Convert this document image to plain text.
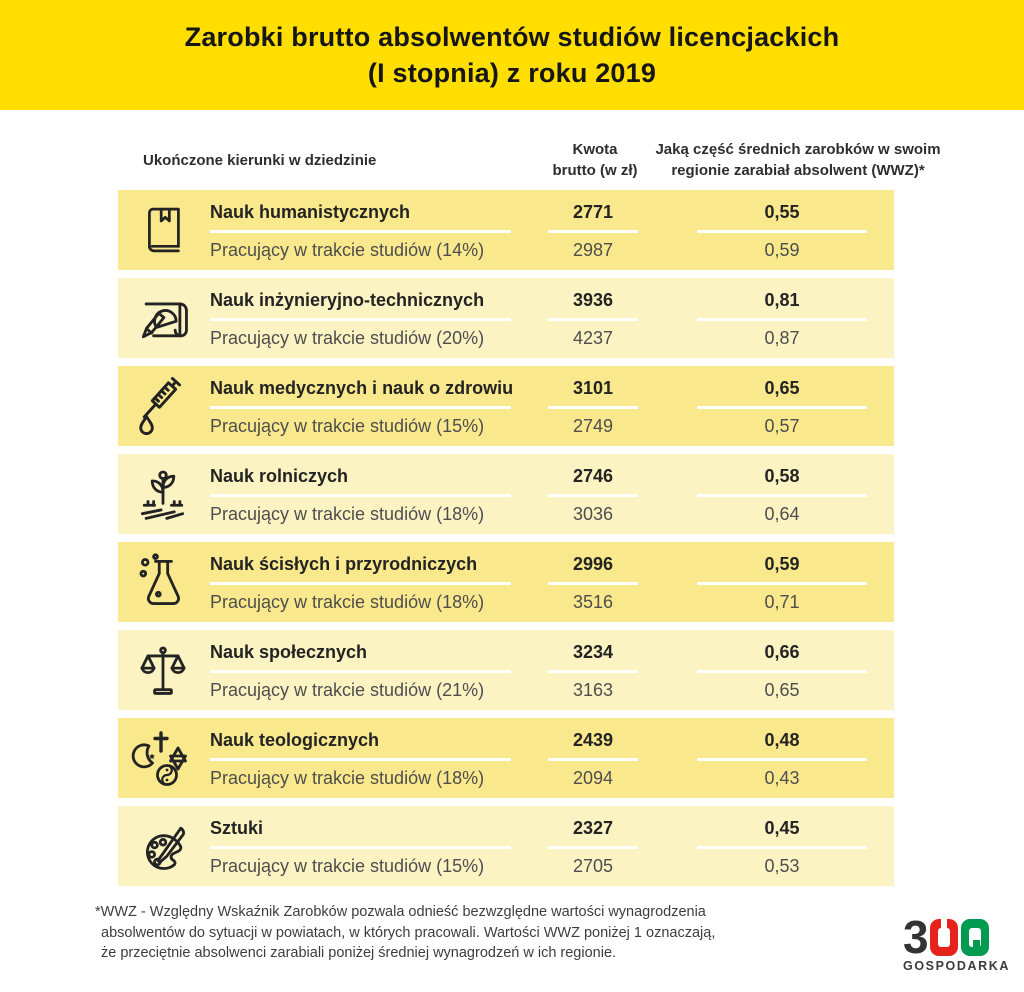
Zarobki brutto absolwentów studiów licencjackich
(I stopnia) z roku 2019
Ukończone kierunki w dziedzinie
Kwota
brutto (w zł)
Jaką część średnich zarobków w swoim
regionie zarabiał absolwent (WWZ)*
Nauk humanistycznych	2771	0,55
Pracujący w trakcie studiów (14%)	2987	0,59
Nauk inżynieryjno-technicznych	3936	0,81
Pracujący w trakcie studiów (20%)	4237	0,87
Nauk medycznych i nauk o zdrowiu	3101	0,65
Pracujący w trakcie studiów (15%)	2749	0,57
Nauk rolniczych	2746	0,58
Pracujący w trakcie studiów (18%)	3036	0,64
Nauk ścisłych i przyrodniczych	2996	0,59
Pracujący w trakcie studiów (18%)	3516	0,71
Nauk społecznych	3234	0,66
Pracujący w trakcie studiów (21%)	3163	0,65
Nauk teologicznych	2439	0,48
Pracujący w trakcie studiów (18%)	2094	0,43
Sztuki	2327	0,45
Pracujący w trakcie studiów (15%)	2705	0,53
*WWZ - Względny Wskaźnik Zarobków pozwala odnieść bezwzględne wartości wynagrodzenia
absolwentów do sytuacji w powiatach, w których pracowali. Wartości WWZ poniżej 1 oznaczają,
że przeciętnie absolwenci zarabiali poniżej średniej wynagrodzeń w ich regionie.	3
GOSPODARKA
